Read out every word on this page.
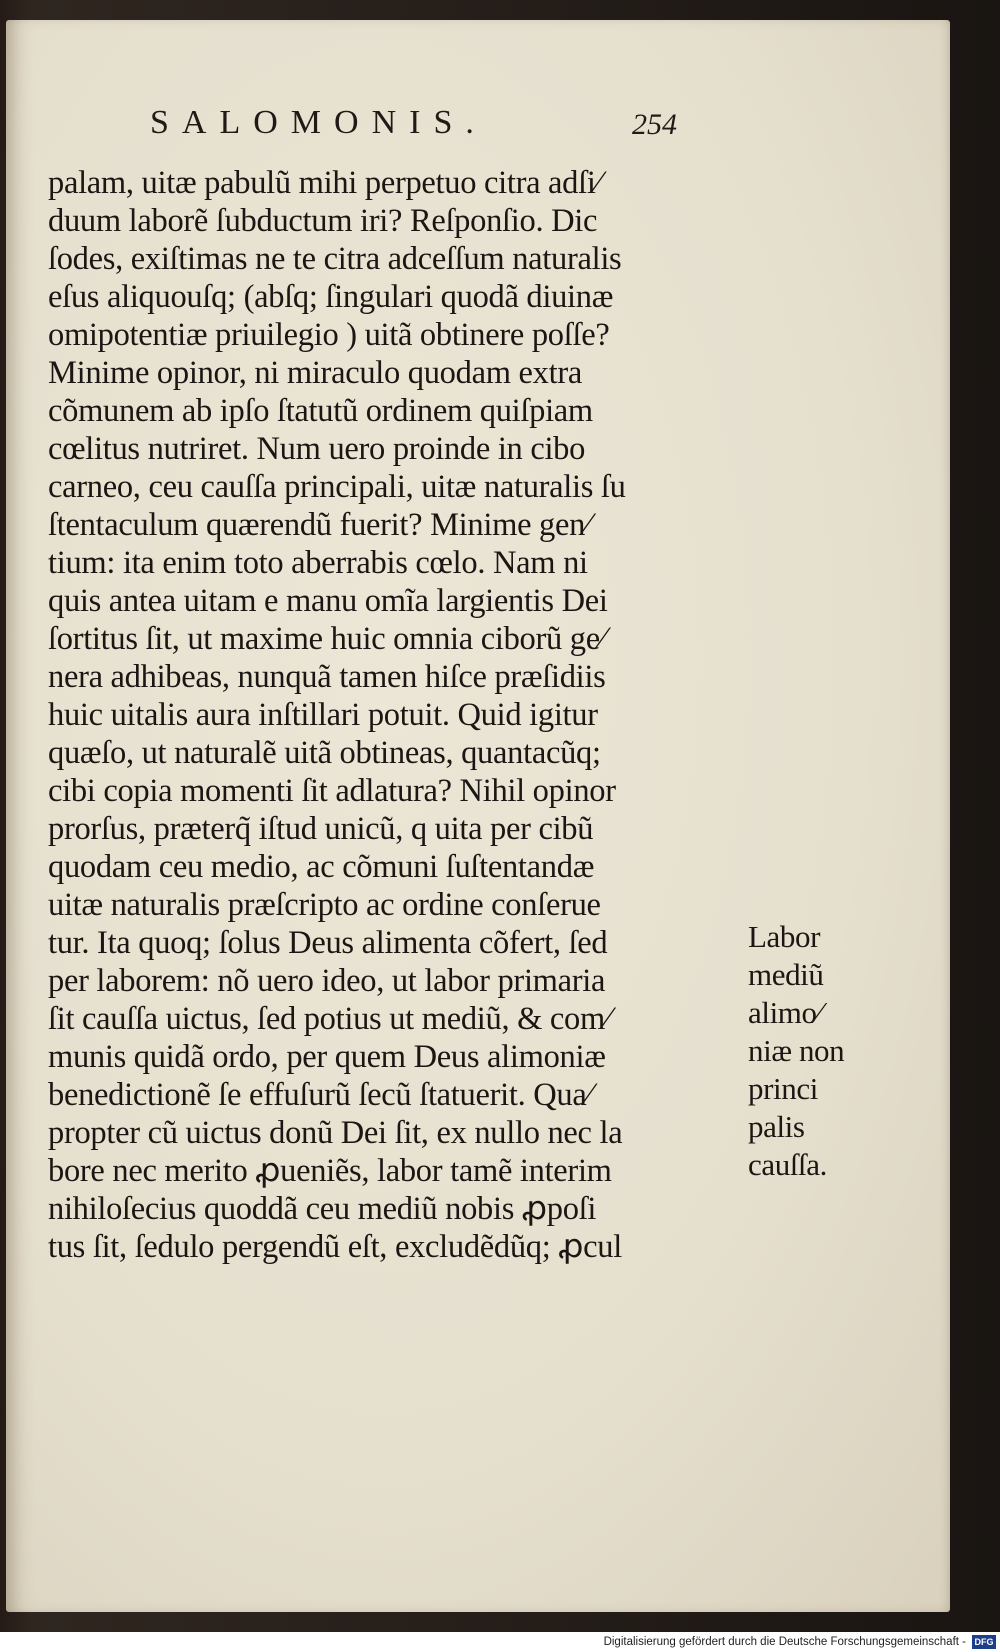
SALOMONIS.	254
palam, uitæ pabulũ mihi perpetuo citra adſi⁄
duum laborẽ ſubductum iri? Reſponſio. Dic
ſodes, exiſtimas ne te citra adceſſum naturalis
eſus aliquouſq; (abſq; ſingulari quodã diuinæ
omipotentiæ priuilegio ) uitã obtinere poſſe?
Minime opinor, ni miraculo quodam extra
cõmunem ab ipſo ſtatutũ ordinem quiſpiam
cœlitus nutriret. Num uero proinde in cibo
carneo, ceu cauſſa principali, uitæ naturalis ſu
ſtentaculum quærendũ fuerit? Minime gen⁄
tium: ita enim toto aberrabis cœlo. Nam ni
quis antea uitam e manu omĩa largientis Dei
ſortitus ſit, ut maxime huic omnia ciborũ ge⁄
nera adhibeas, nunquã tamen hiſce præſidiis
huic uitalis aura inſtillari potuit. Quid igitur
quæſo, ut naturalẽ uitã obtineas, quantacũq;
cibi copia momenti ſit adlatura? Nihil opinor
prorſus, præterq̃ iſtud unicũ, q uita per cibũ
quodam ceu medio, ac cõmuni ſuſtentandæ
uitæ naturalis præſcripto ac ordine conſerue
tur. Ita quoq; ſolus Deus alimenta cõfert, ſed
per laborem: nõ uero ideo, ut labor primaria
ſit cauſſa uictus, ſed potius ut mediũ, & com⁄
munis quidã ordo, per quem Deus alimoniæ
benedictionẽ ſe effuſurũ ſecũ ſtatuerit. Qua⁄
propter cũ uictus donũ Dei ſit, ex nullo nec la
bore nec merito ꝓueniẽs, labor tamẽ interim
nihiloſecius quoddã ceu mediũ nobis ꝓpoſi
tus ſit, ſedulo pergendũ eſt, excludẽdũq; ꝓcul
Labor
mediũ
alimo⁄
niæ non
princi
palis
cauſſa.
Digitalisierung gefördert durch die Deutsche Forschungsgemeinschaft - DFG
